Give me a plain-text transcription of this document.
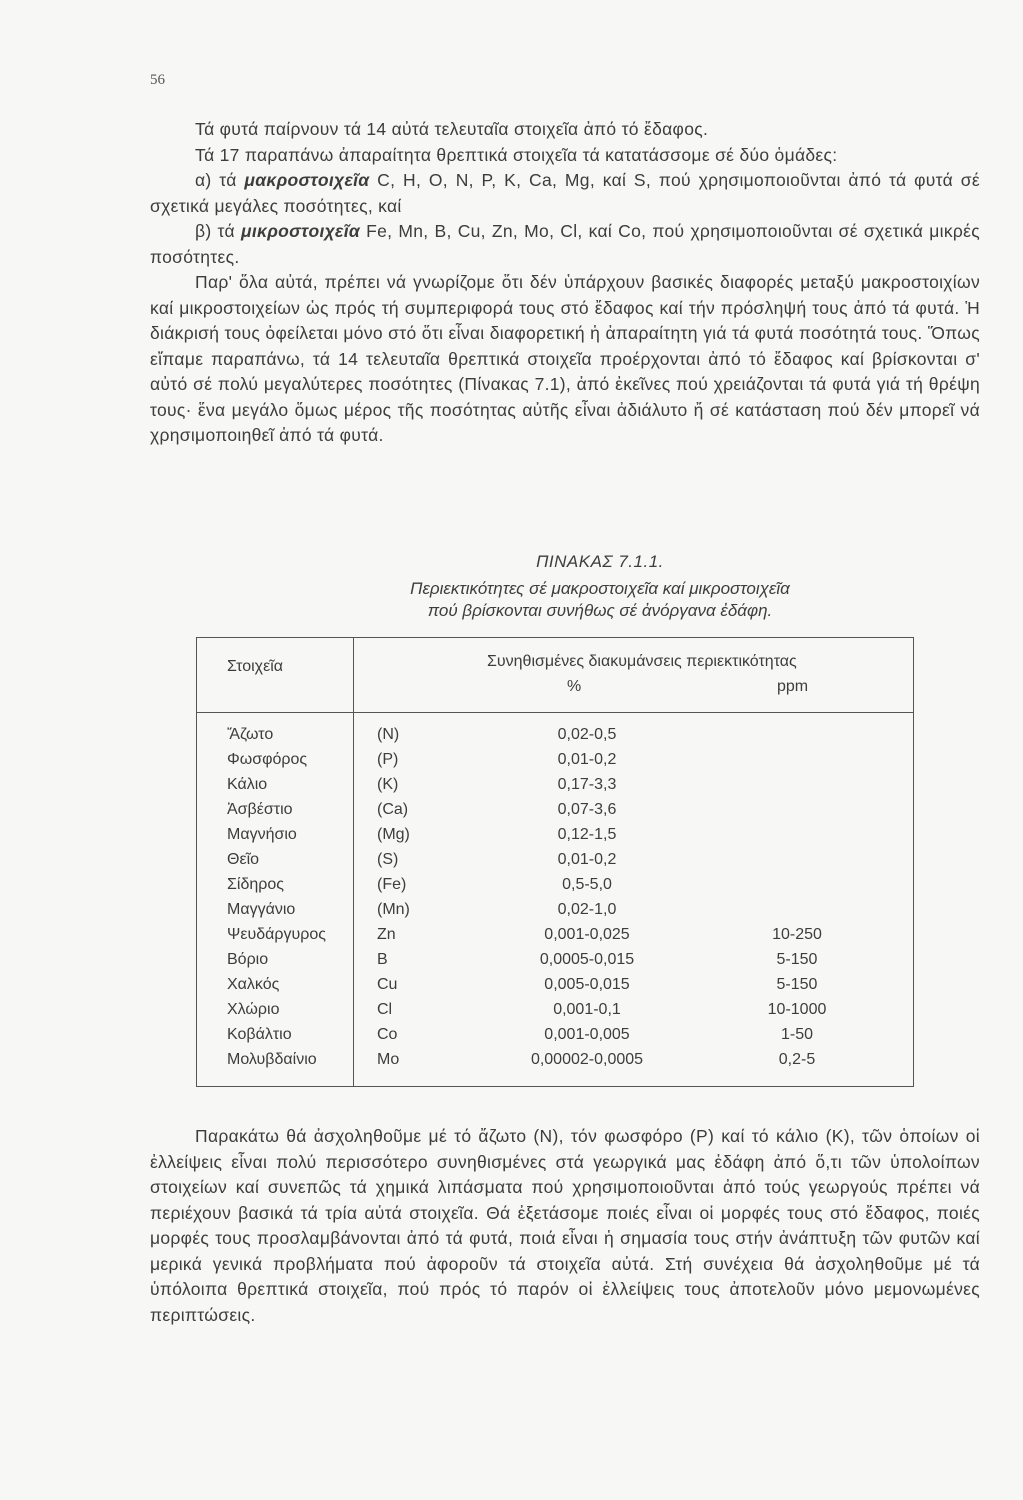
56

Τά φυτά παίρνουν τά 14 αὐτά τελευταῖα στοιχεῖα ἀπό τό ἔδαφος.

Τά 17 παραπάνω ἀπαραίτητα θρεπτικά στοιχεῖα τά κατατάσσομε σέ δύο ὁμάδες:

α) τά μακροστοιχεῖα C, H, O, N, P, K, Ca, Mg, καί S, πού χρησιμοποιοῦνται ἀπό τά φυτά σέ σχετικά μεγάλες ποσότητες, καί

β) τά μικροστοιχεῖα Fe, Mn, B, Cu, Zn, Mo, Cl, καί Co, πού χρησιμοποιοῦνται σέ σχετικά μικρές ποσότητες.

Παρ' ὅλα αὐτά, πρέπει νά γνωρίζομε ὅτι δέν ὑπάρχουν βασικές διαφορές μεταξύ μακροστοιχίων καί μικροστοιχείων ὡς πρός τή συμπεριφορά τους στό ἔδαφος καί τήν πρόσληψή τους ἀπό τά φυτά. Ἡ διάκρισή τους ὀφείλεται μόνο στό ὅτι εἶναι διαφορετική ἡ ἀπαραίτητη γιά τά φυτά ποσότητά τους. Ὅπως εἴπαμε παραπάνω, τά 14 τελευταῖα θρεπτικά στοιχεῖα προέρχονται ἀπό τό ἔδαφος καί βρίσκονται σ' αὐτό σέ πολύ μεγαλύτερες ποσότητες (Πίνακας 7.1), ἀπό ἐκεῖνες πού χρειάζονται τά φυτά γιά τή θρέψη τους· ἕνα μεγάλο ὅμως μέρος τῆς ποσότητας αὐτῆς εἶναι ἀδιάλυτο ἤ σέ κατάσταση πού δέν μπορεῖ νά χρησιμοποιηθεῖ ἀπό τά φυτά.

ΠΙΝΑΚΑΣ 7.1.1.
Περιεκτικότητες σέ μακροστοιχεῖα καί μικροστοιχεῖα
πού βρίσκονται συνήθως σέ ἀνόργανα ἐδάφη.
Στοιχεῖα	Συνηθισμένες διακυμάνσεις περιεκτικότητας
%	ppm
Ἄζωτο	(N)	0,02-0,5
Φωσφόρος	(P)	0,01-0,2
Κάλιο	(K)	0,17-3,3
Ἀσβέστιο	(Ca)	0,07-3,6
Μαγνήσιο	(Mg)	0,12-1,5
Θεῖο	(S)	0,01-0,2
Σίδηρος	(Fe)	0,5-5,0
Μαγγάνιο	(Mn)	0,02-1,0
Ψευδάργυρος	Zn	0,001-0,025	10-250
Βόριο	B	0,0005-0,015	5-150
Χαλκός	Cu	0,005-0,015	5-150
Χλώριο	Cl	0,001-0,1	10-1000
Κοβάλτιο	Co	0,001-0,005	1-50
Μολυβδαίνιο	Mo	0,00002-0,0005	0,2-5

Παρακάτω θά ἀσχοληθοῦμε μέ τό ἄζωτο (N), τόν φωσφόρο (P) καί τό κάλιο (K), τῶν ὁποίων οἱ ἐλλείψεις εἶναι πολύ περισσότερο συνηθισμένες στά γεωργικά μας ἐδάφη ἀπό ὅ,τι τῶν ὑπολοίπων στοιχείων καί συνεπῶς τά χημικά λιπάσματα πού χρησιμοποιοῦνται ἀπό τούς γεωργούς πρέπει νά περιέχουν βασικά τά τρία αὐτά στοιχεῖα. Θά ἐξετάσομε ποιές εἶναι οἱ μορφές τους στό ἔδαφος, ποιές μορφές τους προσλαμβάνονται ἀπό τά φυτά, ποιά εἶναι ἡ σημασία τους στήν ἀνάπτυξη τῶν φυτῶν καί μερικά γενικά προβλήματα πού ἀφοροῦν τά στοιχεῖα αὐτά. Στή συνέχεια θά ἀσχοληθοῦμε μέ τά ὑπόλοιπα θρεπτικά στοιχεῖα, πού πρός τό παρόν οἱ ἐλλείψεις τους ἀποτελοῦν μόνο μεμονωμένες περιπτώσεις.
